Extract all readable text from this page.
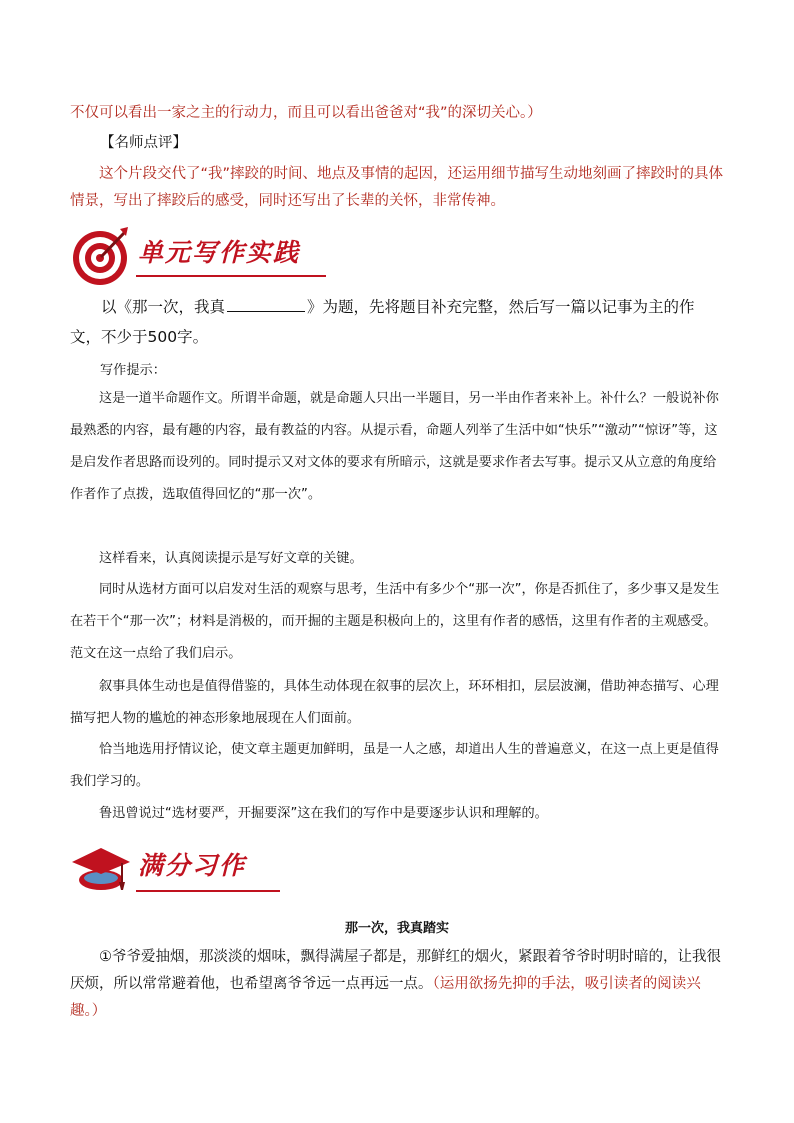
不仅可以看出一家之主的行动力，而且可以看出爸爸对“我”的深切关心。）

【名师点评】

这个片段交代了“我”摔跤的时间、地点及事情的起因，还运用细节描写生动地刻画了摔跤时的具体情景，写出了摔跤后的感受，同时还写出了长辈的关怀，非常传神。

单元写作实践

以《那一次，我真	》为题，先将题目补充完整，然后写一篇以记事为主的作文，不少于500字。

写作提示：

这是一道半命题作文。所谓半命题，就是命题人只出一半题目，另一半由作者来补上。补什么？一般说补你最熟悉的内容，最有趣的内容，最有教益的内容。从提示看，命题人列举了生活中如“快乐”“激动”“惊讶”等，这是启发作者思路而设列的。同时提示又对文体的要求有所暗示，这就是要求作者去写事。提示又从立意的角度给作者作了点拨，选取值得回忆的“那一次”。

这样看来，认真阅读提示是写好文章的关键。

同时从选材方面可以启发对生活的观察与思考，生活中有多少个“那一次”，你是否抓住了，多少事又是发生在若干个“那一次”；材料是消极的，而开掘的主题是积极向上的，这里有作者的感悟，这里有作者的主观感受。范文在这一点给了我们启示。

叙事具体生动也是值得借鉴的，具体生动体现在叙事的层次上，环环相扣，层层波澜，借助神态描写、心理描写把人物的尴尬的神态形象地展现在人们面前。

恰当地选用抒情议论，使文章主题更加鲜明，虽是一人之感，却道出人生的普遍意义，在这一点上更是值得我们学习的。

鲁迅曾说过“选材要严，开掘要深”这在我们的写作中是要逐步认识和理解的。

满分习作
那一次，我真踏实

①爷爷爱抽烟，那淡淡的烟味，飘得满屋子都是，那鲜红的烟火，紧跟着爷爷时明时暗的，让我很厌烦，所以常常避着他，也希望离爷爷远一点再远一点。（运用欲扬先抑的手法，吸引读者的阅读兴趣。）
